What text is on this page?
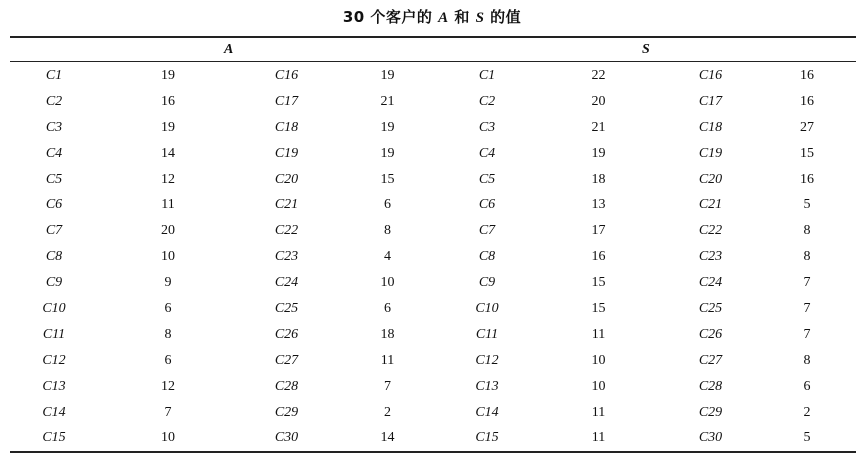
30 个客户的 A 和 S 的值
A	S
C1	19	C16	19	C1	22	C16	16
C2	16	C17	21	C2	20	C17	16
C3	19	C18	19	C3	21	C18	27
C4	14	C19	19	C4	19	C19	15
C5	12	C20	15	C5	18	C20	16
C6	11	C21	6	C6	13	C21	5
C7	20	C22	8	C7	17	C22	8
C8	10	C23	4	C8	16	C23	8
C9	9	C24	10	C9	15	C24	7
C10	6	C25	6	C10	15	C25	7
C11	8	C26	18	C11	11	C26	7
C12	6	C27	11	C12	10	C27	8
C13	12	C28	7	C13	10	C28	6
C14	7	C29	2	C14	11	C29	2
C15	10	C30	14	C15	11	C30	5
